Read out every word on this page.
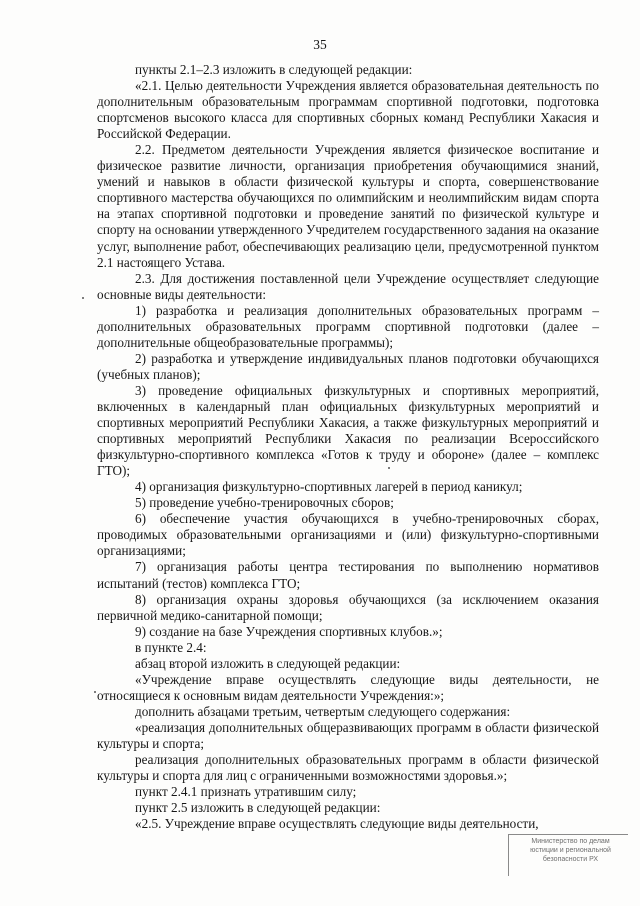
35

пункты 2.1–2.3 изложить в следующей редакции:

«2.1. Целью деятельности Учреждения является образовательная деятельность по дополнительным образовательным программам спортивной подготовки, подготовка спортсменов высокого класса для спортивных сборных команд Республики Хакасия и Российской Федерации.

2.2. Предметом деятельности Учреждения является физическое воспитание и физическое развитие личности, организация приобретения обучающимися знаний, умений и навыков в области физической культуры и спорта, совершенствование спортивного мастерства обучающихся по олимпийским и неолимпийским видам спорта на этапах спортивной подготовки и проведение занятий по физической культуре и спорту на основании утвержденного Учредителем государственного задания на оказание услуг, выполнение работ, обеспечивающих реализацию цели, предусмотренной пунктом 2.1 настоящего Устава.

2.3. Для достижения поставленной цели Учреждение осуществляет следующие основные виды деятельности:

1) разработка и реализация дополнительных образовательных программ – дополнительных образовательных программ спортивной подготовки (далее – дополнительные общеобразовательные программы);

2) разработка и утверждение индивидуальных планов подготовки обучающихся (учебных планов);

3) проведение официальных физкультурных и спортивных мероприятий, включенных в календарный план официальных физкультурных мероприятий и спортивных мероприятий Республики Хакасия, а также физкультурных мероприятий и спортивных мероприятий Республики Хакасия по реализации Всероссийского физкультурно-спортивного комплекса «Готов к труду и обороне» (далее – комплекс ГТО);

4) организация физкультурно-спортивных лагерей в период каникул;

5) проведение учебно-тренировочных сборов;

6) обеспечение участия обучающихся в учебно-тренировочных сборах, проводимых образовательными организациями и (или) физкультурно-спортивными организациями;

7) организация работы центра тестирования по выполнению нормативов испытаний (тестов) комплекса ГТО;

8) организация охраны здоровья обучающихся (за исключением оказания первичной медико-санитарной помощи;

9) создание на базе Учреждения спортивных клубов.»;

в пункте 2.4:

абзац второй изложить в следующей редакции:

«Учреждение вправе осуществлять следующие виды деятельности, не относящиеся к основным видам деятельности Учреждения:»;

дополнить абзацами третьим, четвертым следующего содержания:

«реализация дополнительных общеразвивающих программ в области физической культуры и спорта;

реализация дополнительных образовательных программ в области физической культуры и спорта для лиц с ограниченными возможностями здоровья.»;

пункт 2.4.1 признать утратившим силу;

пункт 2.5 изложить в следующей редакции:

«2.5. Учреждение вправе осуществлять следующие виды деятельности,

Министерство по делам
юстиции и региональной
безопасности РХ
